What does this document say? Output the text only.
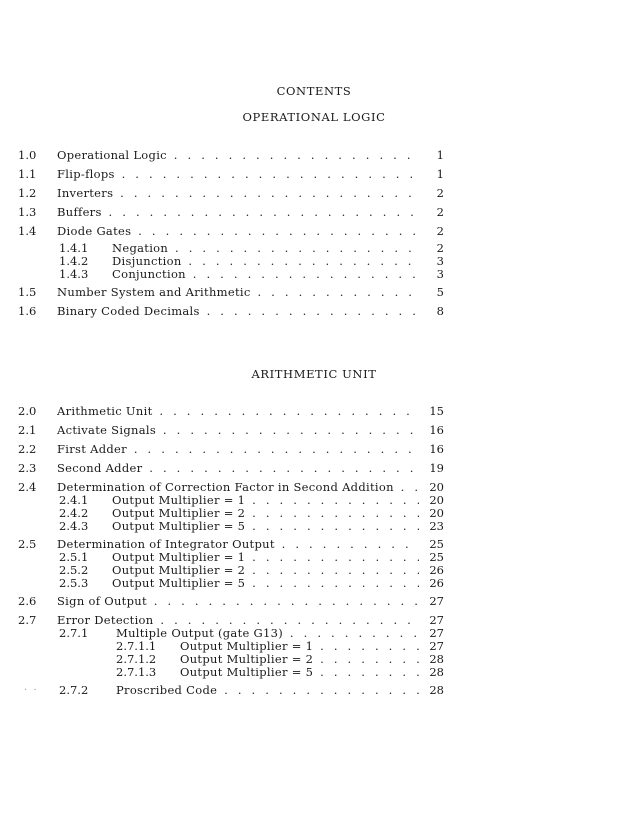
CONTENTS
OPERATIONAL LOGIC
ARITHMETIC UNIT
1.0 Operational Logic . . .	1
1.1 Flip-flops . . .	1
1.2 Inverters . . .	2
1.3 Buffers . . .	2
1.4 Diode Gates . . .	2
1.4.1 Negation . . .	2
1.4.2 Disjunction . . .	3
1.4.3 Conjunction . . .	3
1.5 Number System and Arithmetic . . .	5
1.6 Binary Coded Decimals . . .	8
2.0 Arithmetic Unit . . .	15
2.1 Activate Signals . . .	16
2.2 First Adder . . .	16
2.3 Second Adder . . .	19
2.4 Determination of Correction Factor in Second Addition . . .	20
2.4.1 Output Multiplier = 1 . . .	20
2.4.2 Output Multiplier = 2 . . .	20
2.4.3 Output Multiplier = 5 . . .	23
2.5 Determination of Integrator Output . . .	25
2.5.1 Output Multiplier = 1 . . .	25
2.5.2 Output Multiplier = 2 . . .	26
2.5.3 Output Multiplier = 5 . . .	26
2.6 Sign of Output . . .	27
2.7 Error Detection . . .	27
2.7.1 Multiple Output (gate G13) . . .	27
2.7.1.1 Output Multiplier = 1 . . .	27
2.7.1.2 Output Multiplier = 2 . . .	28
2.7.1.3 Output Multiplier = 5 . . .	28
2.7.2 Proscribed Code . . .	28
.  .
